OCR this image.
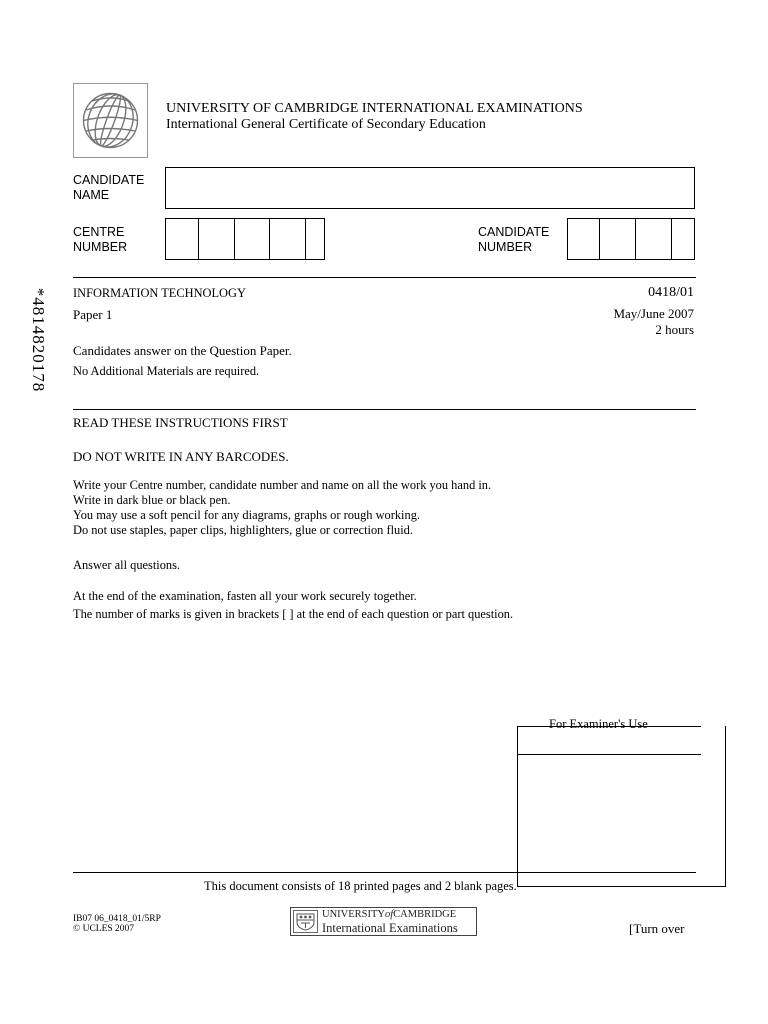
UNIVERSITY OF CAMBRIDGE INTERNATIONAL EXAMINATIONS
International General Certificate of Secondary Education
CANDIDATE
NAME
CENTRE
NUMBER
CANDIDATE
NUMBER
*4814820178 INFORMATION TECHNOLOGY	0418/01
Paper 1	May/June 2007
2 hours
Candidates answer on the Question Paper.
No Additional Materials are required.
READ THESE INSTRUCTIONS FIRST
DO NOT WRITE IN ANY BARCODES.
Write your Centre number, candidate number and name on all the work you hand in.
Write in dark blue or black pen.
You may use a soft pencil for any diagrams, graphs or rough working.
Do not use staples, paper clips, highlighters, glue or correction fluid.
Answer all questions.
At the end of the examination, fasten all your work securely together.
The number of marks is given in brackets [ ] at the end of each question or part question.
For Examiner's Use
This document consists of 18 printed pages and 2 blank pages.
IB07 06_0418_01/5RP
© UCLES 2007
UNIVERSITYofCAMBRIDGE
International Examinations	[Turn over
